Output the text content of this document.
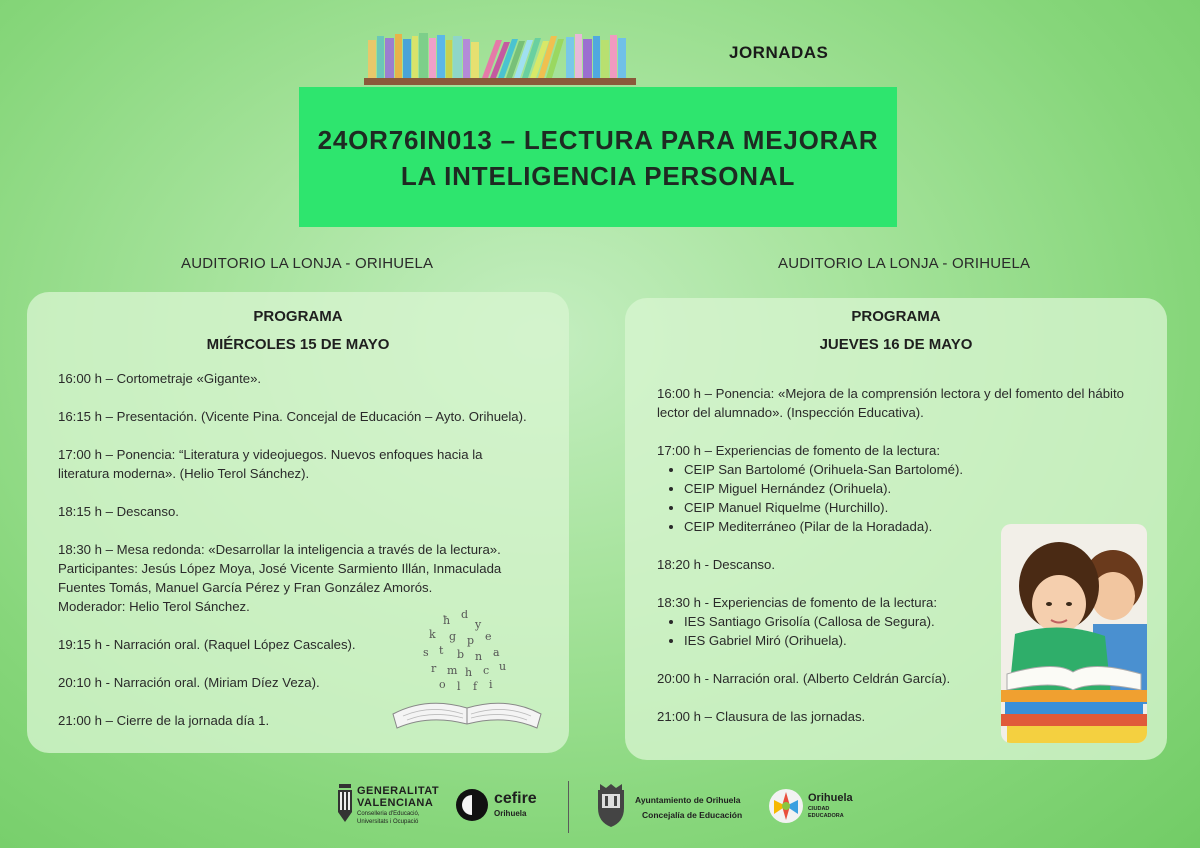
JORNADAS
24OR76IN013 – LECTURA PARA MEJORAR
LA INTELIGENCIA PERSONAL
AUDITORIO LA LONJA - ORIHUELA	AUDITORIO LA LONJA - ORIHUELA
PROGRAMA
MIÉRCOLES 15 DE MAYO

16:00 h – Cortometraje «Gigante».

16:15 h – Presentación. (Vicente Pina. Concejal de Educación – Ayto. Orihuela).

17:00 h – Ponencia: “Literatura y videojuegos. Nuevos enfoques hacia la

literatura moderna». (Helio Terol Sánchez).

18:15 h – Descanso.

18:30 h – Mesa redonda: «Desarrollar la inteligencia a través de la lectura».

Participantes: Jesús López Moya, José Vicente Sarmiento Illán, Inmaculada

Fuentes Tomás, Manuel García Pérez y Fran González Amorós.

Moderador: Helio Terol Sánchez.

19:15 h - Narración oral. (Raquel López Cascales).

20:10 h - Narración oral. (Miriam Díez Veza).

21:00 h – Cierre de la jornada día 1.

ħ d
y
k g p e
s t b n a
r m h c u
o l f i
PROGRAMA
JUEVES 16 DE MAYO

16:00 h – Ponencia: «Mejora de la comprensión lectora y del fomento del hábito

lector del alumnado». (Inspección Educativa).

17:00 h – Experiencias de fomento de la lectura:

• CEIP San Bartolomé (Orihuela-San Bartolomé).
• CEIP Miguel Hernández (Orihuela).
• CEIP Manuel Riquelme (Hurchillo).
• CEIP Mediterráneo (Pilar de la Horadada).

18:20 h - Descanso.

18:30 h - Experiencias de fomento de la lectura:

• IES Santiago Grisolía (Callosa de Segura).
• IES Gabriel Miró (Orihuela).

20:00 h - Narración oral. (Alberto Celdrán García).

21:00 h – Clausura de las jornadas.

GENERALITAT
VALENCIANA
Conselleria d'Educació,
Universitats i Ocupació
cefire
Orihuela
Ayuntamiento de Orihuela
Concejalía de Educación
Orihuela
CIUDAD
EDUCADORA
